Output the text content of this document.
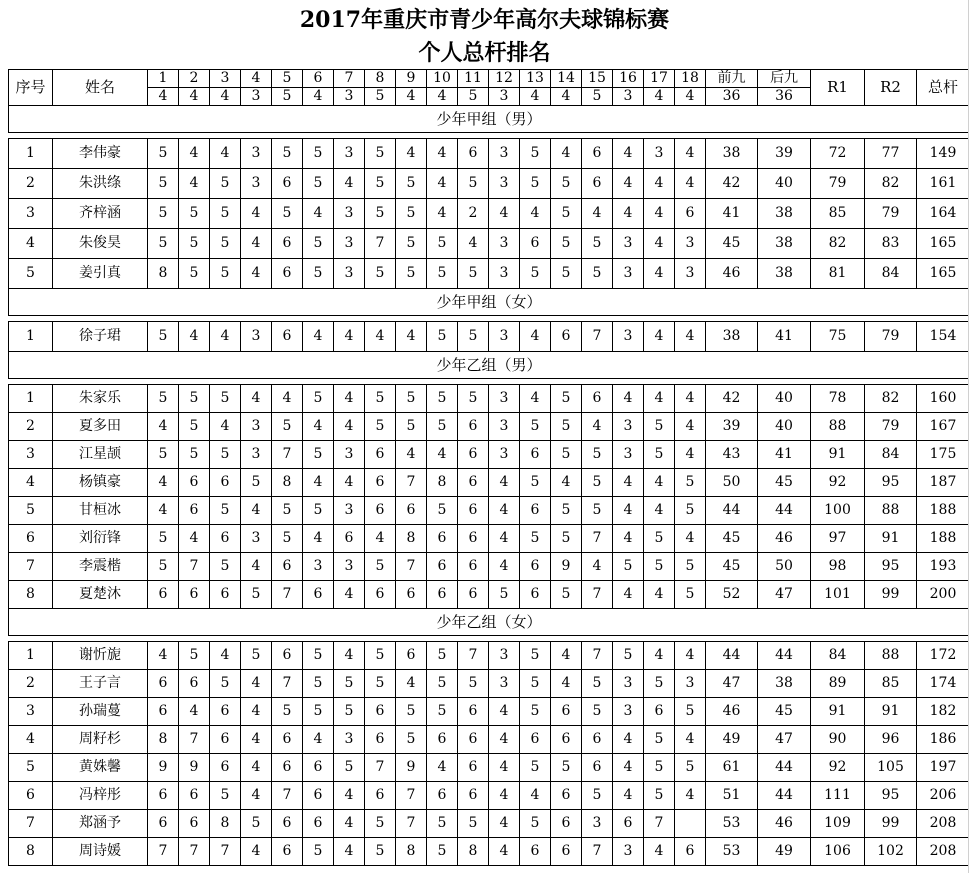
2017年重庆市青少年高尔夫球锦标赛
个人总杆排名
序号	姓名	1	2	3	4	5	6	7	8	9	10	11	12	13	14	15	16	17	18	前九	后九	R1	R2	总杆
		4	4	4	3	5	4	3	5	4	4	5	3	4	4	5	3	4	4	36	36			
少年甲组（男）																								

1	李伟豪	5	4	4	3	5	5	3	5	4	4	6	3	5	4	6	4	3	4	38	39	72	77	149
2	朱洪绦	5	4	5	3	6	5	4	5	5	4	5	3	5	5	6	4	4	4	42	40	79	82	161
3	齐梓涵	5	5	5	4	5	4	3	5	5	4	2	4	4	5	4	4	4	6	41	38	85	79	164
4	朱俊昊	5	5	5	4	6	5	3	7	5	5	4	3	6	5	5	3	4	3	45	38	82	83	165
5	姜引真	8	5	5	4	6	5	3	5	5	5	5	3	5	5	5	3	4	3	46	38	81	84	165
少年甲组（女）																								

1	徐子珺	5	4	4	3	6	4	4	4	4	5	5	3	4	6	7	3	4	4	38	41	75	79	154
少年乙组（男）																								

1	朱家乐	5	5	5	4	4	5	4	5	5	5	5	3	4	5	6	4	4	4	42	40	78	82	160
2	夏多田	4	5	4	3	5	4	4	5	5	5	6	3	5	5	4	3	5	4	39	40	88	79	167
3	江星颉	5	5	5	3	7	5	3	6	4	4	6	3	6	5	5	3	5	4	43	41	91	84	175
4	杨镇豪	4	6	6	5	8	4	4	6	7	8	6	4	5	4	5	4	4	5	50	45	92	95	187
5	甘桓冰	4	6	5	4	5	5	3	6	6	5	6	4	6	5	5	4	4	5	44	44	100	88	188
6	刘衍锋	5	4	6	3	5	4	6	4	8	6	6	4	5	5	7	4	5	4	45	46	97	91	188
7	李震楷	5	7	5	4	6	3	3	5	7	6	6	4	6	9	4	5	5	5	45	50	98	95	193
8	夏楚沐	6	6	6	5	7	6	4	6	6	6	6	5	6	5	7	4	4	5	52	47	101	99	200
少年乙组（女）																								

1	谢忻旎	4	5	4	5	6	5	4	5	6	5	7	3	5	4	7	5	4	4	44	44	84	88	172
2	王子言	6	6	5	4	7	5	5	5	4	5	5	3	5	4	5	3	5	3	47	38	89	85	174
3	孙瑞蔓	6	4	6	4	5	5	5	6	5	5	6	4	5	6	5	3	6	5	46	45	91	91	182
4	周籽杉	8	7	6	4	6	4	3	6	5	6	6	4	6	6	6	4	5	4	49	47	90	96	186
5	黄姝馨	9	9	6	4	6	6	5	7	9	4	6	4	5	5	6	4	5	5	61	44	92	105	197
6	冯梓彤	6	6	5	4	7	6	4	6	7	6	6	4	4	6	5	4	5	4	51	44	111	95	206
7	郑涵予	6	6	8	5	6	6	4	5	7	5	5	4	5	6	3	6	7		53	46	109	99	208
8	周诗媛	7	7	7	4	6	5	4	5	8	5	8	4	6	6	7	3	4	6	53	49	106	102	208
